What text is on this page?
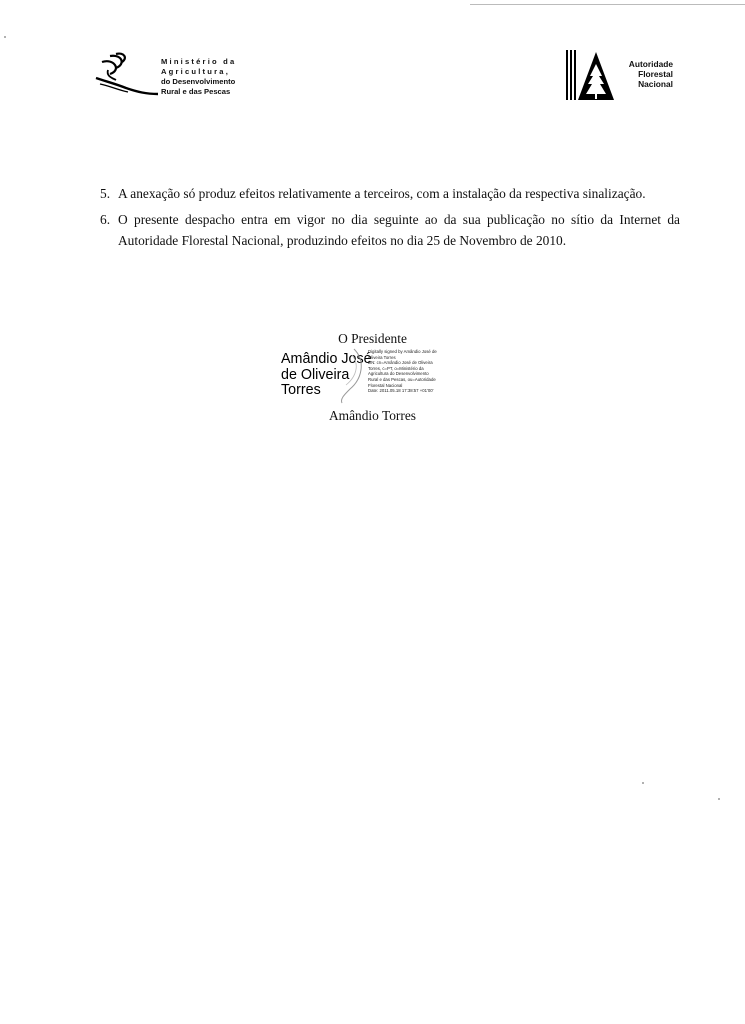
Ministério da
Agricultura,
do Desenvolvimento
Rural e das Pescas
Autoridade
Florestal
Nacional
5. A anexação só produz efeitos relativamente a terceiros, com a instalação da respectiva sinalização.
6. O presente despacho entra em vigor no dia seguinte ao da sua publicação no sítio da Internet da Autoridade Florestal Nacional, produzindo efeitos no dia 25 de Novembro de 2010.
O Presidente
Amândio José
de Oliveira
Torres
Digitally signed by Amândio José de
Oliveira Torres
DN: cn=Amândio José de Oliveira
Torres, c=PT, o=Ministério da
Agricultura do Desenvolvimento
Rural e das Pescas, ou=Autoridade
Florestal Nacional
Date: 2011.05.18 17:38:57 +01'00'
Amândio Torres
